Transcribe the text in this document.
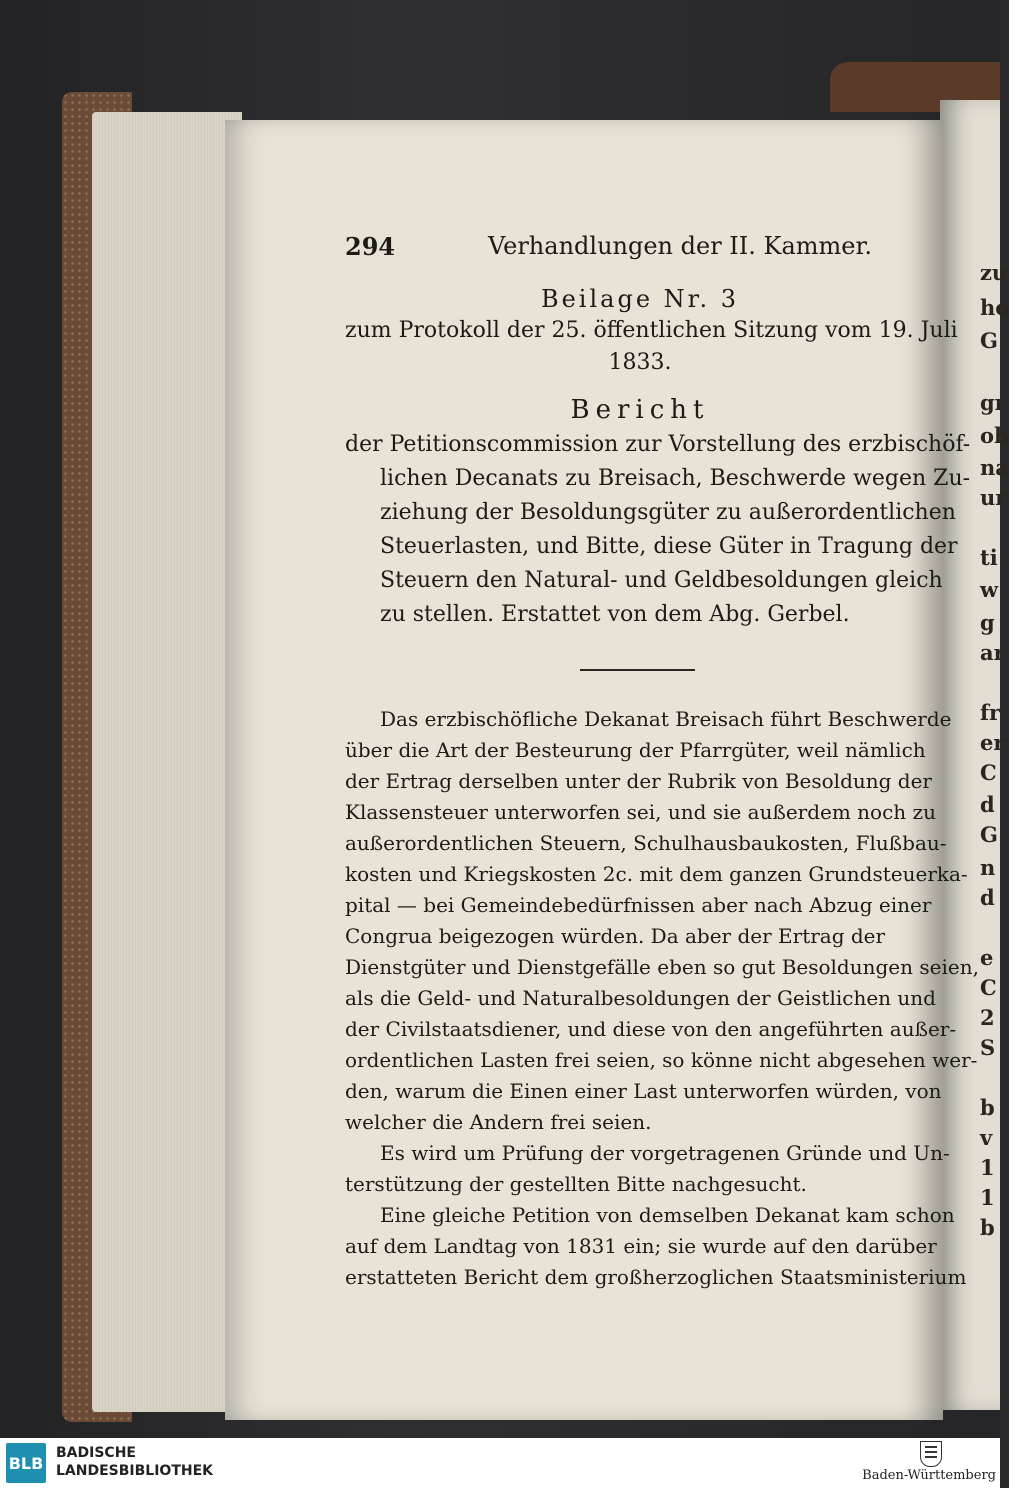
zu
ho
G
gr
oh
na
ur
ti
w
g
ar
fr
er
C
d
G
n
d
e
C
2
S
b
v
1
1
b
294	Verhandlungen der II. Kammer.
Beilage Nr. 3
zum Protokoll der 25. öffentlichen Sitzung vom 19. Juli
1833.
Bericht
der Petitionscommission zur Vorstellung des erzbischöf-
lichen Decanats zu Breisach, Beschwerde wegen Zu-
ziehung der Besoldungsgüter zu außerordentlichen
Steuerlasten, und Bitte, diese Güter in Tragung der
Steuern den Natural- und Geldbesoldungen gleich
zu stellen. Erstattet von dem Abg. Gerbel.
Das erzbischöfliche Dekanat Breisach führt Beschwerde
über die Art der Besteurung der Pfarrgüter, weil nämlich
der Ertrag derselben unter der Rubrik von Besoldung der
Klassensteuer unterworfen sei, und sie außerdem noch zu
außerordentlichen Steuern, Schulhausbaukosten, Flußbau-
kosten und Kriegskosten 2c. mit dem ganzen Grundsteuerka-
pital — bei Gemeindebedürfnissen aber nach Abzug einer
Congrua beigezogen würden. Da aber der Ertrag der
Dienstgüter und Dienstgefälle eben so gut Besoldungen seien,
als die Geld- und Naturalbesoldungen der Geistlichen und
der Civilstaatsdiener, und diese von den angeführten außer-
ordentlichen Lasten frei seien, so könne nicht abgesehen wer-
den, warum die Einen einer Last unterworfen würden, von
welcher die Andern frei seien.
Es wird um Prüfung der vorgetragenen Gründe und Un-
terstützung der gestellten Bitte nachgesucht.
Eine gleiche Petition von demselben Dekanat kam schon
auf dem Landtag von 1831 ein; sie wurde auf den darüber
erstatteten Bericht dem großherzoglichen Staatsministerium
BLB
BADISCHE
LANDESBIBLIOTHEK	Baden-Württemberg
